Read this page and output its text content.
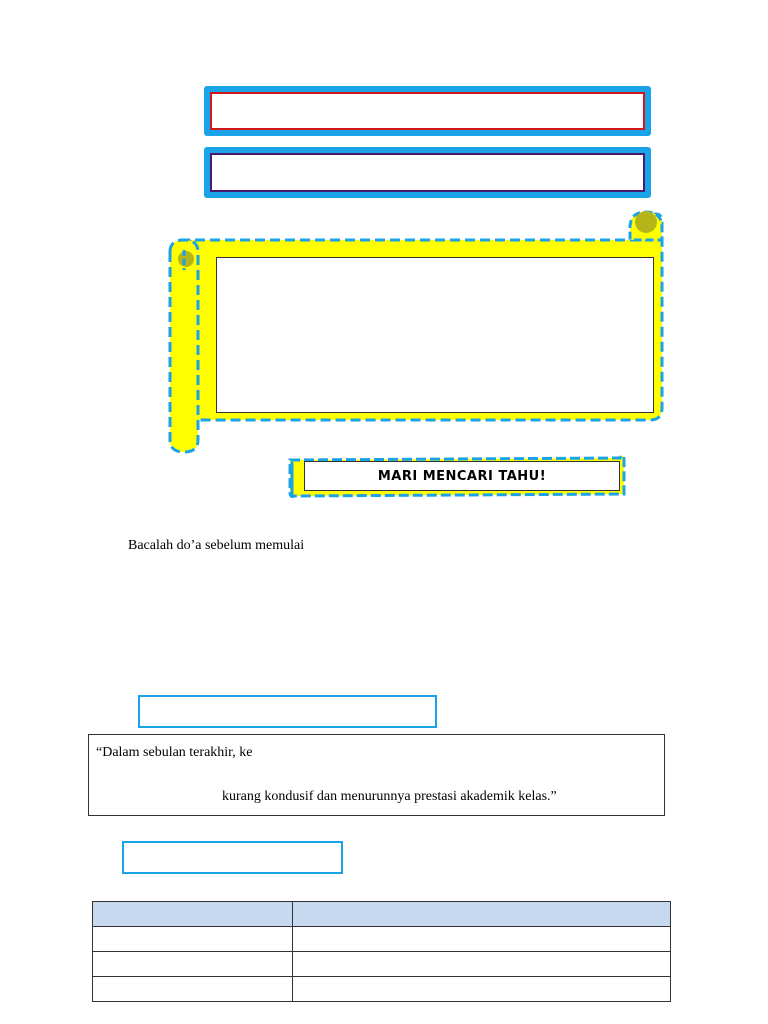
MARI MENCARI TAHU!
Bacalah do’a sebelum memulai
“Dalam sebulan terakhir, ke
kurang kondusif dan menurunnya prestasi akademik kelas.”
